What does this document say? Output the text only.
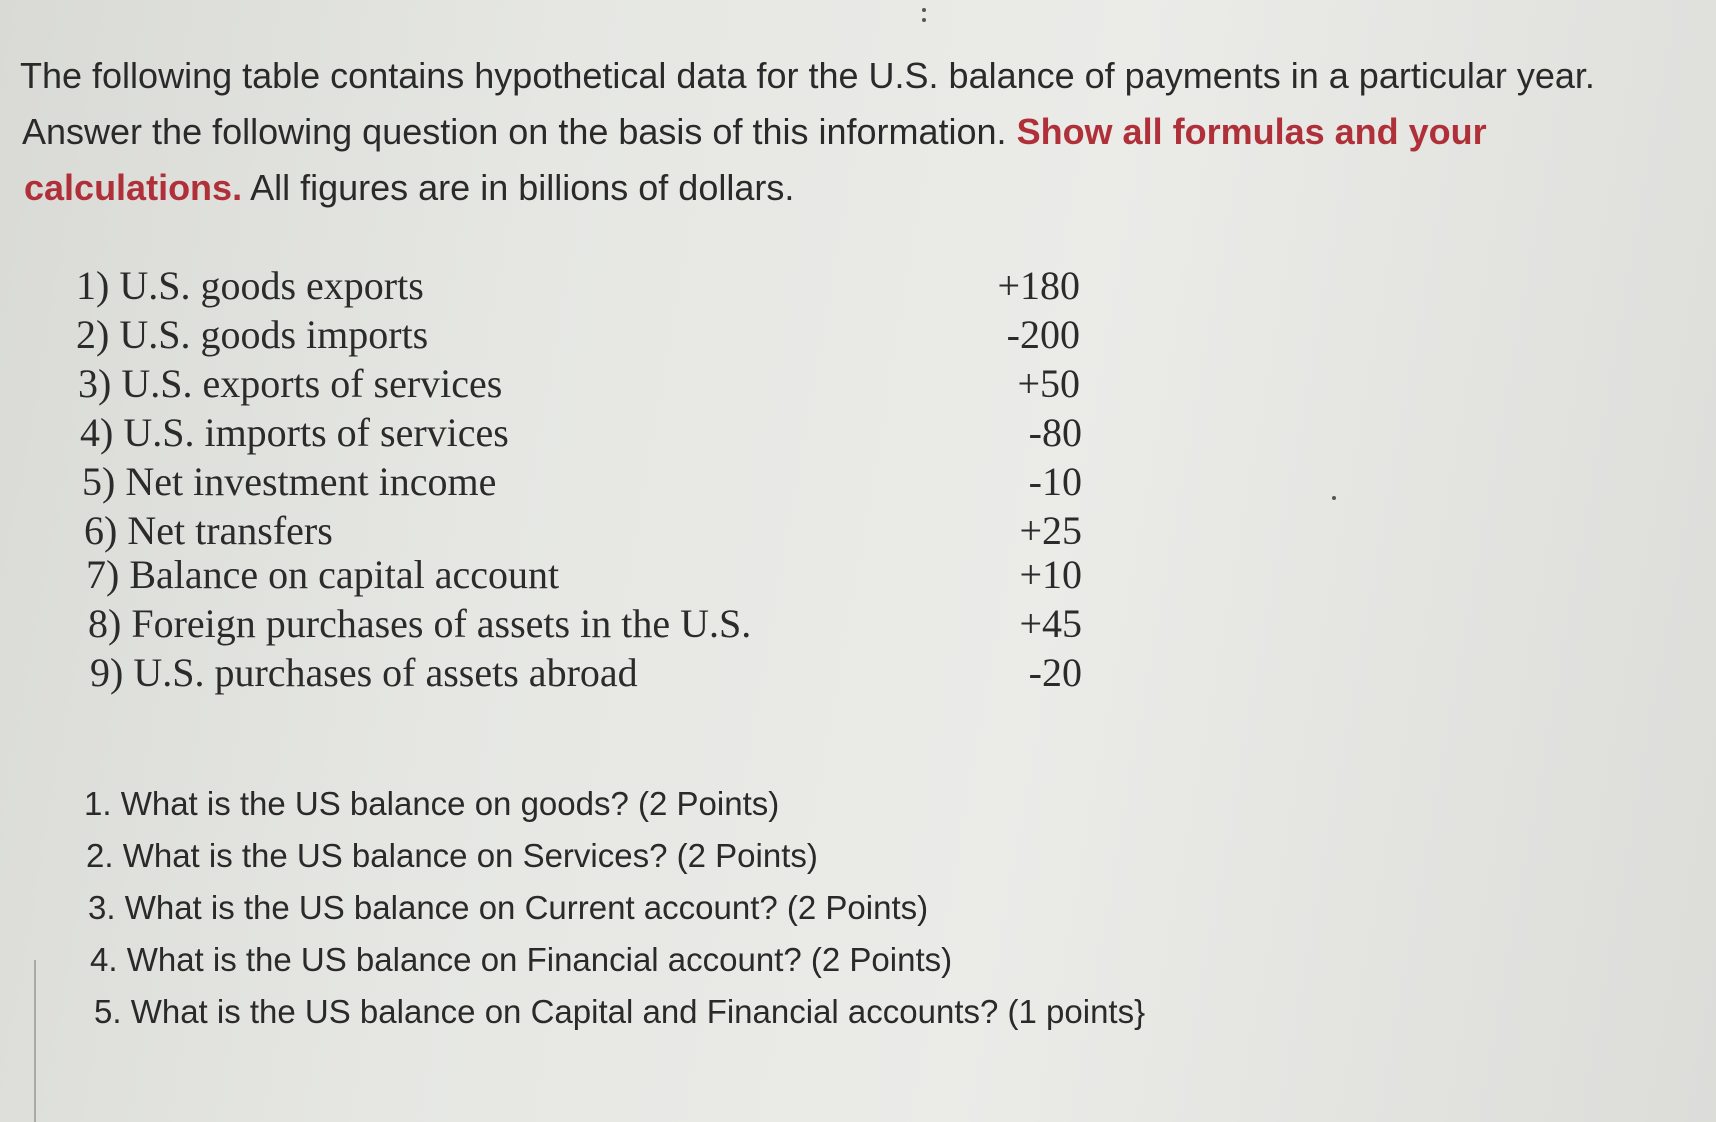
The following table contains hypothetical data for the U.S. balance of payments in a particular year.
Answer the following question on the basis of this information. Show all formulas and your
calculations. All figures are in billions of dollars.
1) U.S. goods exports	+180
2) U.S. goods imports	-200
3) U.S. exports of services	+50
4) U.S. imports of services	-80
5) Net investment income	-10
6) Net transfers	+25
7) Balance on capital account	+10
8) Foreign purchases of assets in the U.S.	+45
9) U.S. purchases of assets abroad	-20
1. What is the US balance on goods? (2 Points)
2. What is the US balance on Services? (2 Points)
3. What is the US balance on Current account? (2 Points)
4. What is the US balance on Financial account? (2 Points)
5. What is the US balance on Capital and Financial accounts? (1 points}
